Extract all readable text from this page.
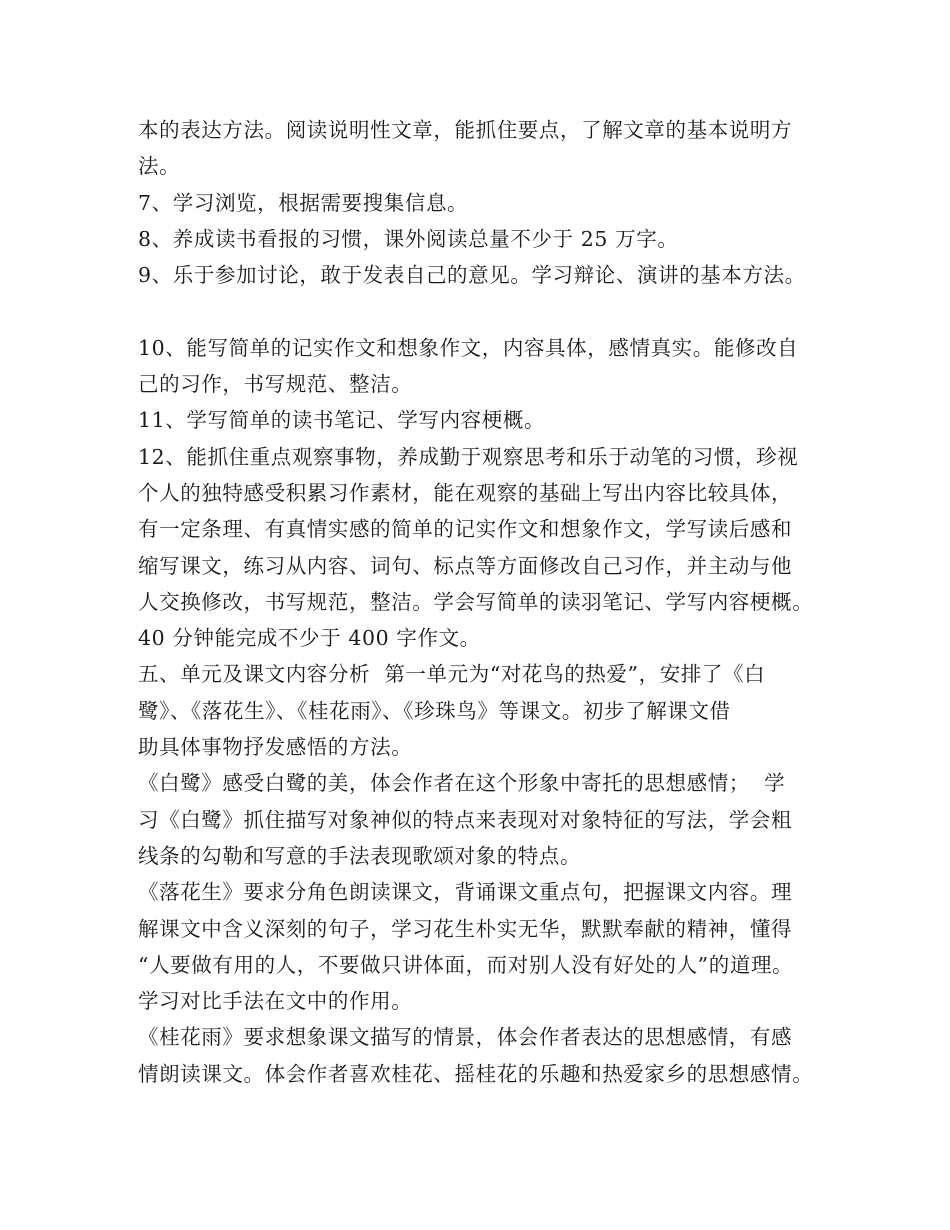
本的表达方法。阅读说明性文章，能抓住要点，了解文章的基本说明方
法。
7、学习浏览，根据需要搜集信息。
8、养成读书看报的习惯，课外阅读总量不少于 25 万字。
9、乐于参加讨论，敢于发表自己的意见。学习辩论、演讲的基本方法。
10、能写简单的记实作文和想象作文，内容具体，感情真实。能修改自
己的习作，书写规范、整洁。
11、学写简单的读书笔记、学写内容梗概。
12、能抓住重点观察事物，养成勤于观察思考和乐于动笔的习惯，珍视
个人的独特感受积累习作素材，能在观察的基础上写出内容比较具体，
有一定条理、有真情实感的简单的记实作文和想象作文，学写读后感和
缩写课文，练习从内容、词句、标点等方面修改自己习作，并主动与他
人交换修改，书写规范，整洁。学会写简单的读羽笔记、学写内容梗概。
40 分钟能完成不少于 400 字作文。
五、单元及课文内容分析  第一单元为“对花鸟的热爱”，安排了《白
鹭》、《落花生》、《桂花雨》、《珍珠鸟》等课文。初步了解课文借
助具体事物抒发感悟的方法。
《白鹭》感受白鹭的美，体会作者在这个形象中寄托的思想感情；  学
习《白鹭》抓住描写对象神似的特点来表现对对象特征的写法，学会粗
线条的勾勒和写意的手法表现歌颂对象的特点。
《落花生》要求分角色朗读课文，背诵课文重点句，把握课文内容。理
解课文中含义深刻的句子，学习花生朴实无华，默默奉献的精神，懂得
“人要做有用的人，不要做只讲体面，而对别人没有好处的人”的道理。
学习对比手法在文中的作用。
《桂花雨》要求想象课文描写的情景，体会作者表达的思想感情，有感
情朗读课文。体会作者喜欢桂花、摇桂花的乐趣和热爱家乡的思想感情。
